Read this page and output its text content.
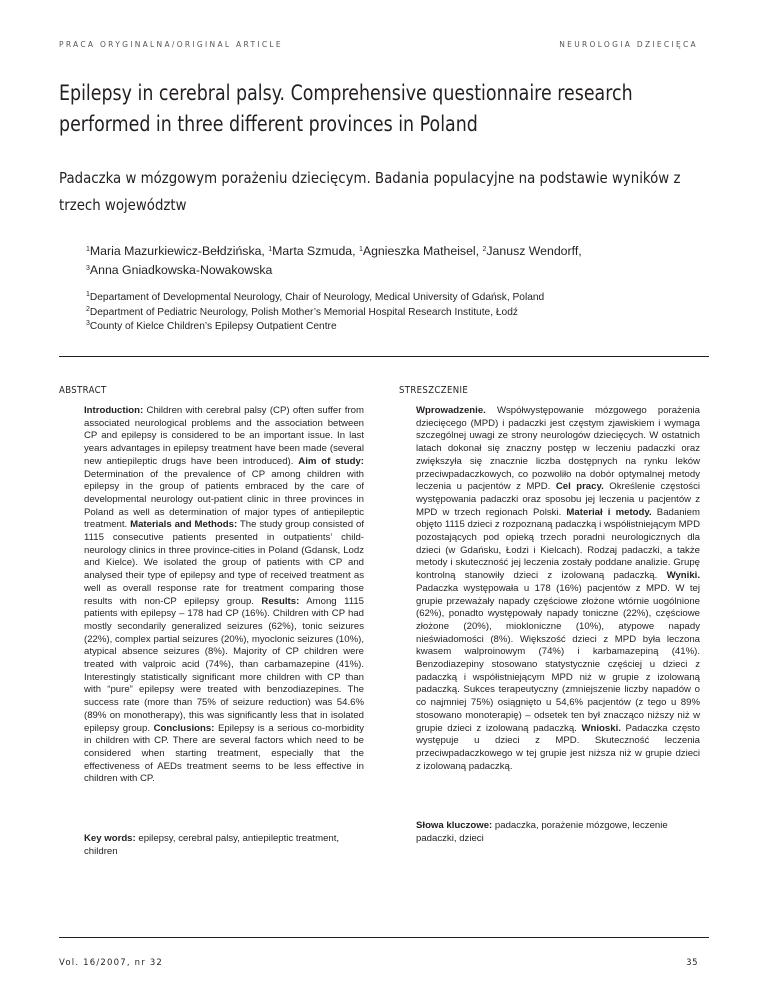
PRACA ORYGINALNA/ORIGINAL ARTICLE	NEUROLOGIA DZIECIĘCA
Epilepsy in cerebral palsy. Comprehensive questionnaire research performed in three different provinces in Poland
Padaczka w mózgowym porażeniu dziecięcym. Badania populacyjne na podstawie wyników z trzech województw
$^1$Maria Mazurkiewicz-Bełdzińska, $^1$Marta Szmuda, $^1$Agnieszka Matheisel, $^2$Janusz Wendorff,
$^3$Anna Gniadkowska-Nowakowska
$^1$Departament of Developmental Neurology, Chair of Neurology, Medical University of Gdańsk, Poland
$^2$Department of Pediatric Neurology, Polish Mother’s Memorial Hospital Research Institute, Łodź
$^3$County of Kielce Children’s Epilepsy Outpatient Centre
ABSTRACT	STRESZCZENIE

Introduction: Children with cerebral palsy (CP) often suffer from associated neurological problems and the association between CP and epilepsy is considered to be an important issue. In last years advantages in epilepsy treatment have been made (several new antiepileptic drugs have been introduced). Aim of study: Determination of the prevalence of CP among children with epilepsy in the group of patients embraced by the care of developmental neurology out-patient clinic in three provinces in Poland as well as determination of major types of antiepileptic treatment. Materials and Methods: The study group consisted of 1115 consecutive patients presented in outpatients’ child-neurology clinics in three province-cities in Poland (Gdansk, Lodz and Kielce). We isolated the group of patients with CP and analysed their type of epilepsy and type of received treatment as well as overall response rate for treatment comparing those results with non-CP epilepsy group. Results: Among 1115 patients with epilepsy – 178 had CP (16%). Children with CP had mostly secondarily generalized seizures (62%), tonic seizures (22%), complex partial seizures (20%), myoclonic seizures (10%), atypical absence seizures (8%). Majority of CP children were treated with valproic acid (74%), than carbamazepine (41%). Interestingly statistically significant more children with CP than with “pure” epilepsy were treated with benzodiazepines. The success rate (more than 75% of seizure reduction) was 54.6% (89% on monotherapy), this was significantly less that in isolated epilepsy group. Conclusions: Epilepsy is a serious co-morbidity in children with CP. There are several factors which need to be considered when starting treatment, especially that the effectiveness of AEDs treatment seems to be less effective in children with CP.

Key words: epilepsy, cerebral palsy, antiepileptic treatment, children

Wprowadzenie. Współwystępowanie mózgowego porażenia dziecięcego (MPD) i padaczki jest częstym zjawiskiem i wymaga szczególnej uwagi ze strony neurologów dziecięcych. W ostatnich latach dokonał się znaczny postęp w leczeniu padaczki oraz zwiększyła się znacznie liczba dostępnych na rynku leków przeciwpadaczkowych, co pozwoliło na dobór optymalnej metody leczenia u pacjentów z MPD. Cel pracy. Określenie częstości występowania padaczki oraz sposobu jej leczenia u pacjentów z MPD w trzech regionach Polski. Materiał i metody. Badaniem objęto 1115 dzieci z rozpoznaną padaczką i współistniejącym MPD pozostających pod opieką trzech poradni neurologicznych dla dzieci (w Gdańsku, Łodzi i Kielcach). Rodzaj padaczki, a także metody i skuteczność jej leczenia zostały poddane analizie. Grupę kontrolną stanowiły dzieci z izolowaną padaczką. Wyniki. Padaczka występowała u 178 (16%) pacjentów z MPD. W tej grupie przeważały napady częściowe złożone wtórnie uogólnione (62%), ponadto występowały napady toniczne (22%), częściowe złożone (20%), miokloniczne (10%), atypowe napady nieświadomości (8%). Większość dzieci z MPD była leczona kwasem walproinowym (74%) i karbamazepiną (41%). Benzodiazepiny stosowano statystycznie częściej u dzieci z padaczką i współistniejącym MPD niż w grupie z izolowaną padaczką. Sukces terapeutyczny (zmniejszenie liczby napadów o co najmniej 75%) osiągnięto u 54,6% pacjentów (z tego u 89% stosowano monoterapię) – odsetek ten był znacząco niższy niż w grupie dzieci z izolowaną padaczką. Wnioski. Padaczka często występuje u dzieci z MPD. Skuteczność leczenia przeciwpadaczkowego w tej grupie jest niższa niż w grupie dzieci z izolowaną padaczką.

Słowa kluczowe: padaczka, porażenie mózgowe, leczenie padaczki, dzieci
Vol. 16/2007, nr 32	35
